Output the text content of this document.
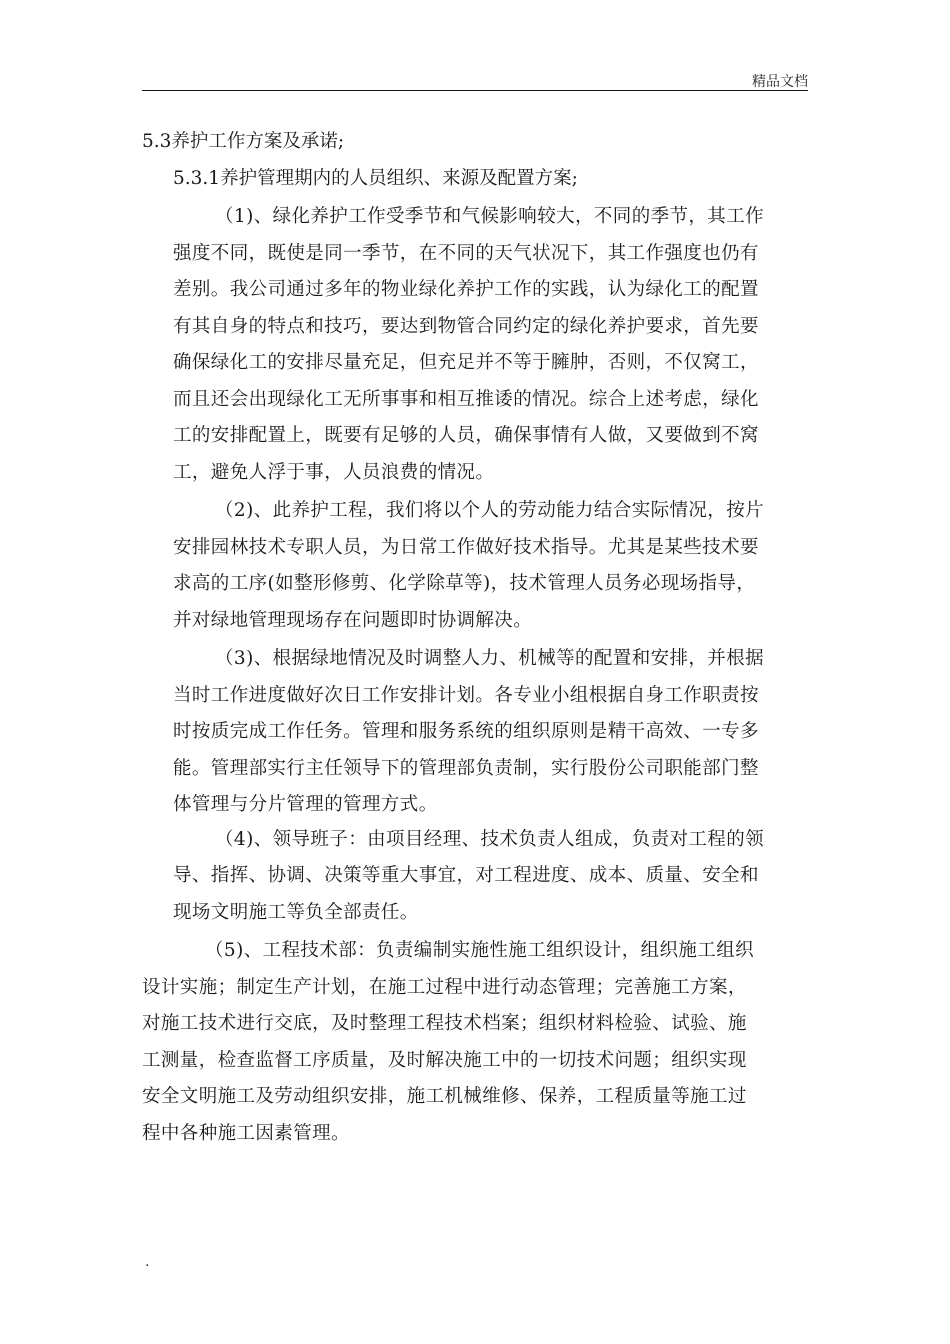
精品文档
5.3养护工作方案及承诺;
5.3.1养护管理期内的人员组织、来源及配置方案;
（1)、绿化养护工作受季节和气候影响较大，不同的季节，其工作
强度不同，既使是同一季节，在不同的天气状况下，其工作强度也仍有
差别。我公司通过多年的物业绿化养护工作的实践，认为绿化工的配置
有其自身的特点和技巧，要达到物管合同约定的绿化养护要求，首先要
确保绿化工的安排尽量充足，但充足并不等于臃肿，否则，不仅窝工，
而且还会出现绿化工无所事事和相互推诿的情况。综合上述考虑，绿化
工的安排配置上，既要有足够的人员，确保事情有人做，又要做到不窝
工，避免人浮于事，人员浪费的情况。
（2)、此养护工程，我们将以个人的劳动能力结合实际情况，按片
安排园林技术专职人员，为日常工作做好技术指导。尤其是某些技术要
求高的工序(如整形修剪、化学除草等)，技术管理人员务必现场指导，
并对绿地管理现场存在问题即时协调解决。
（3)、根据绿地情况及时调整人力、机械等的配置和安排，并根据
当时工作进度做好次日工作安排计划。各专业小组根据自身工作职责按
时按质完成工作任务。管理和服务系统的组织原则是精干高效、一专多
能。管理部实行主任领导下的管理部负责制，实行股份公司职能部门整
体管理与分片管理的管理方式。
（4)、领导班子：由项目经理、技术负责人组成，负责对工程的领
导、指挥、协调、决策等重大事宜，对工程进度、成本、质量、安全和
现场文明施工等负全部责任。
（5)、工程技术部：负责编制实施性施工组织设计，组织施工组织
设计实施；制定生产计划，在施工过程中进行动态管理；完善施工方案，
对施工技术进行交底，及时整理工程技术档案；组织材料检验、试验、施
工测量，检查监督工序质量，及时解决施工中的一切技术问题；组织实现
安全文明施工及劳动组织安排，施工机械维修、保养，工程质量等施工过
程中各种施工因素管理。
.
